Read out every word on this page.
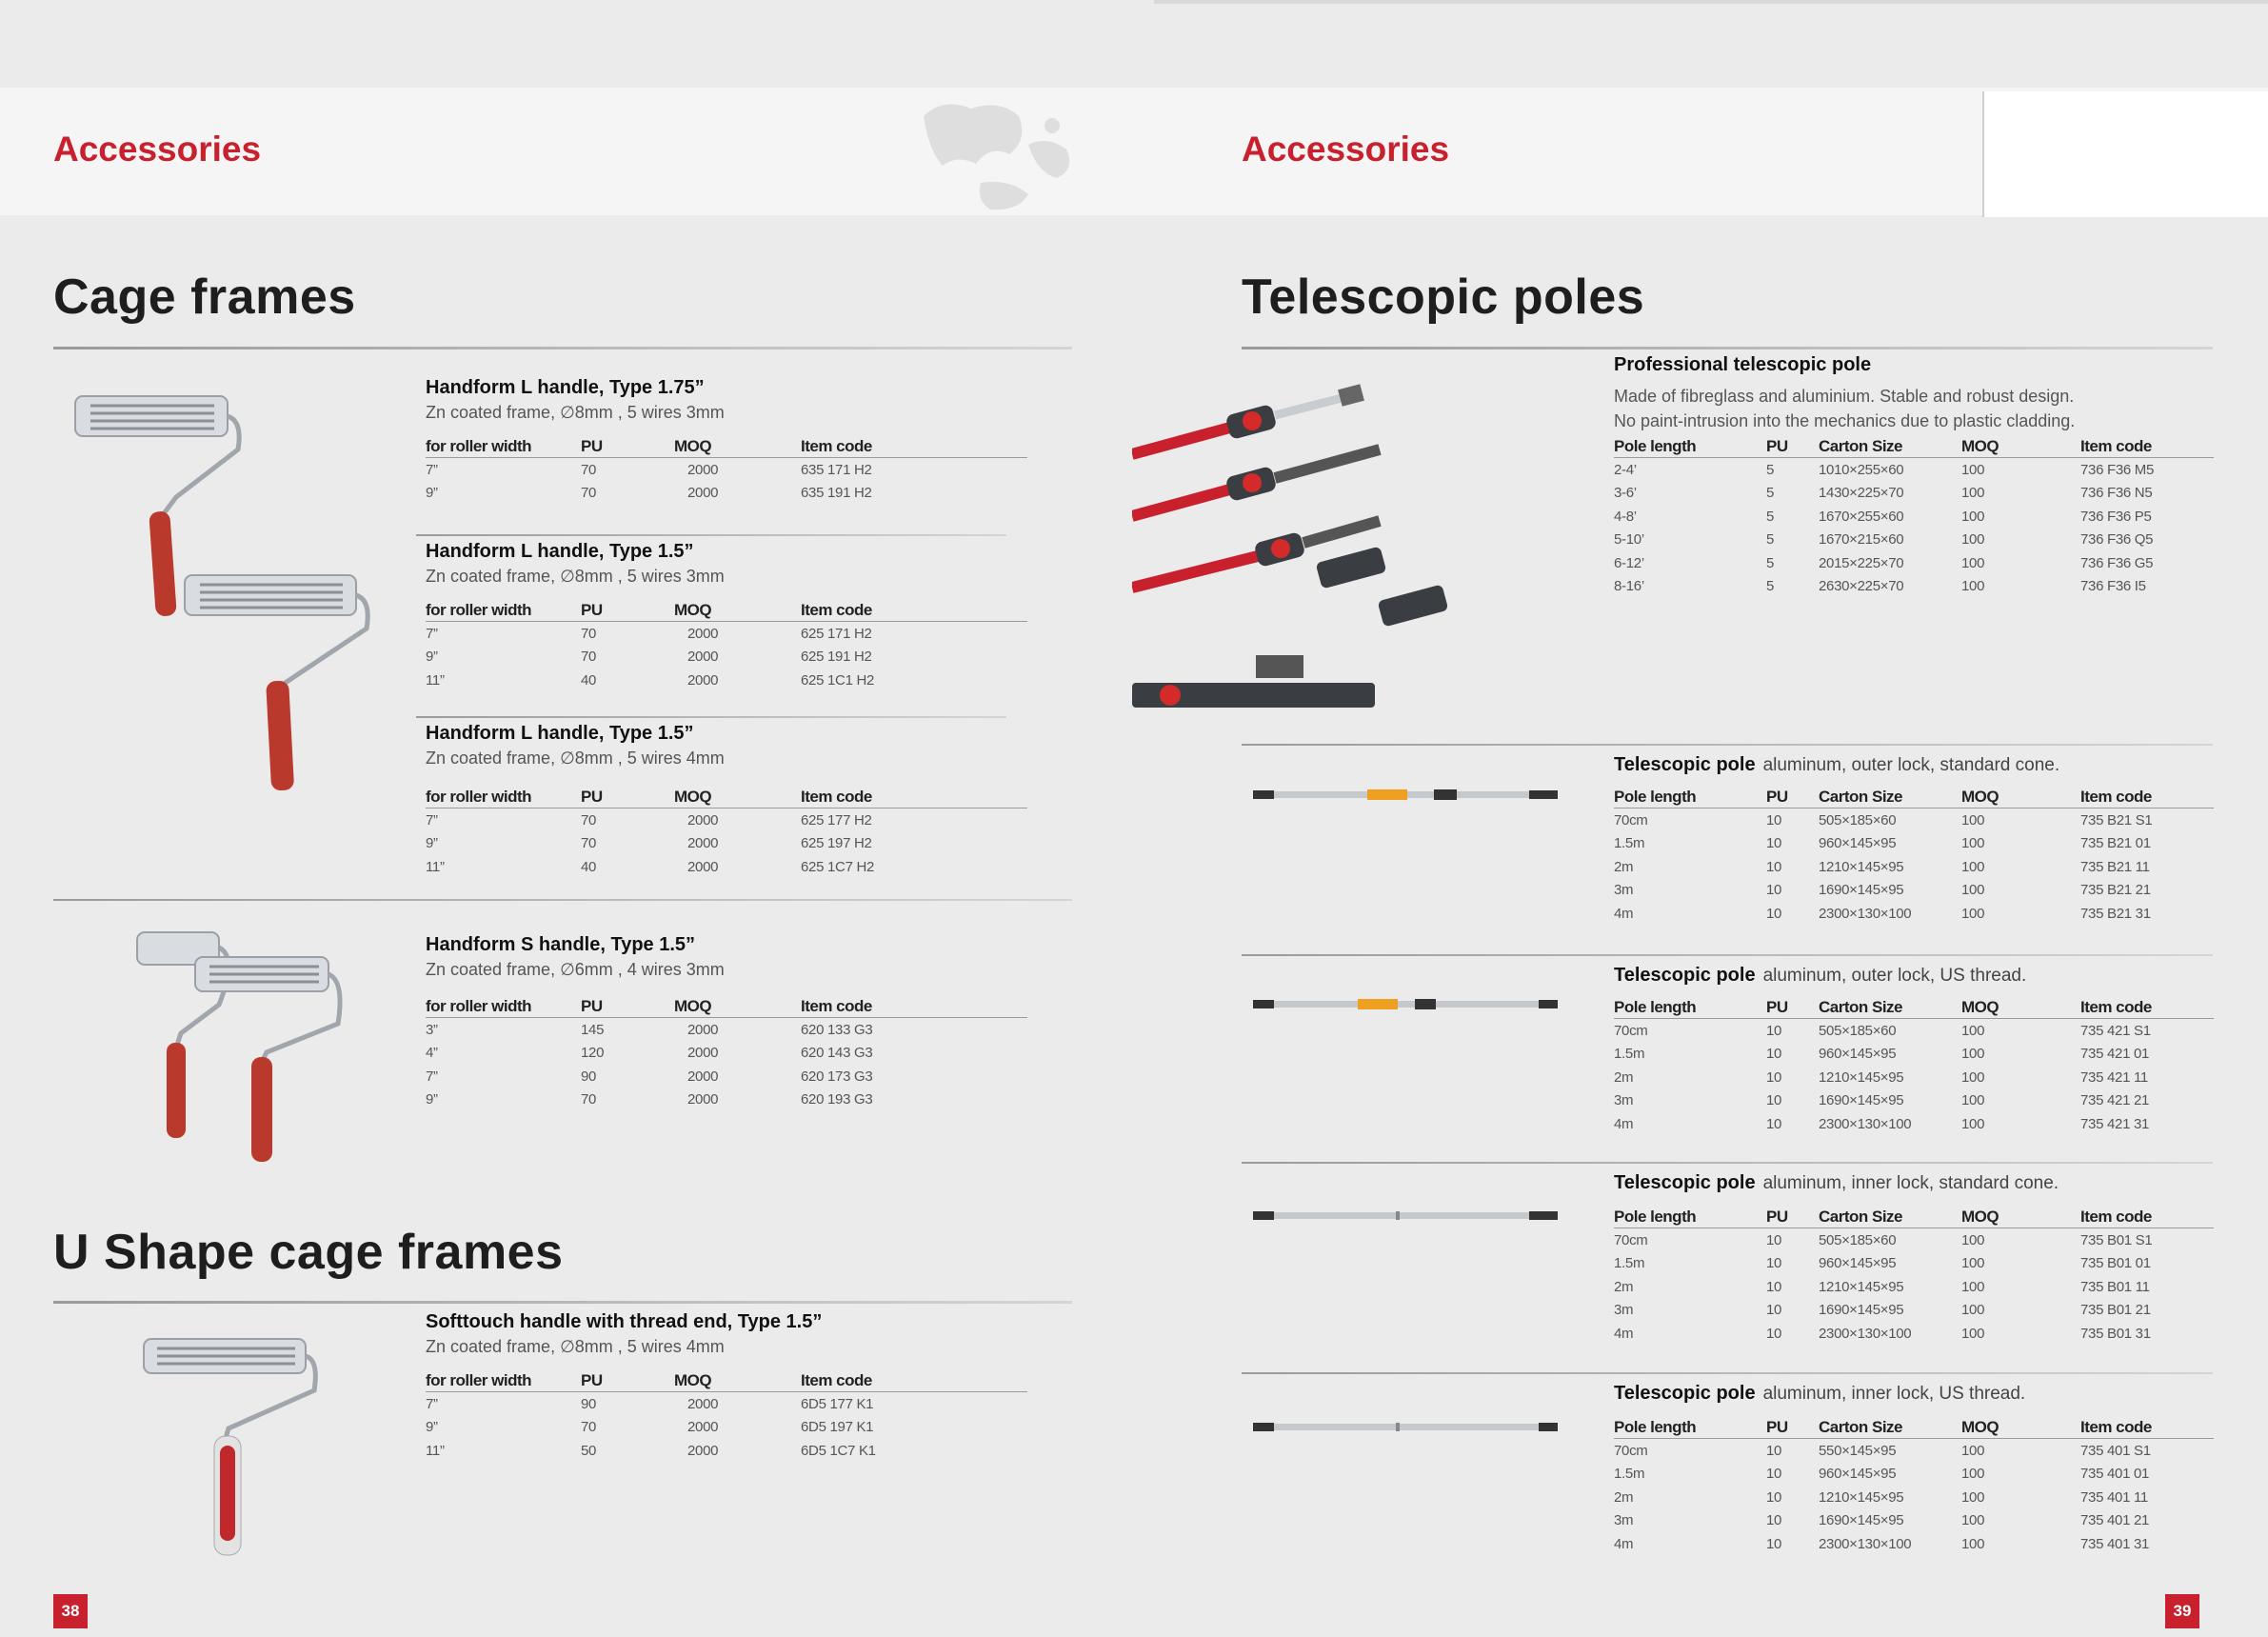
Accessories
Cage frames
Handform L handle, Type 1.75”
Zn coated frame, ∅8mm , 5 wires 3mm
for roller width	PU	MOQ	Item code
7”	70	2000	635 171 H2
9”	70	2000	635 191 H2
Handform L handle, Type 1.5”
Zn coated frame, ∅8mm , 5 wires 3mm
for roller width	PU	MOQ	Item code
7”	70	2000	625 171 H2
9”	70	2000	625 191 H2
11”	40	2000	625 1C1 H2
Handform L handle, Type 1.5”
Zn coated frame, ∅8mm , 5 wires 4mm
for roller width	PU	MOQ	Item code
7”	70	2000	625 177 H2
9”	70	2000	625 197 H2
11”	40	2000	625 1C7 H2
Handform S handle, Type 1.5”
Zn coated frame, ∅6mm , 4 wires 3mm
for roller width	PU	MOQ	Item code
3”	145	2000	620 133 G3
4”	120	2000	620 143 G3
7”	90	2000	620 173 G3
9”	70	2000	620 193 G3
U Shape cage frames
Softtouch handle with thread end, Type 1.5”
Zn coated frame, ∅8mm , 5 wires 4mm
for roller width	PU	MOQ	Item code
7”	90	2000	6D5 177 K1
9”	70	2000	6D5 197 K1
11”	50	2000	6D5 1C7 K1
38
Accessories
Telescopic poles
Professional telescopic pole
Made of fibreglass and aluminium. Stable and robust design.
No paint-intrusion into the mechanics due to plastic cladding.
Pole length	PU	Carton Size	MOQ	Item code
2-4’	5	1010×255×60	100	736 F36 M5
3-6’	5	1430×225×70	100	736 F36 N5
4-8’	5	1670×255×60	100	736 F36 P5
5-10’	5	1670×215×60	100	736 F36 Q5
6-12’	5	2015×225×70	100	736 F36 G5
8-16’	5	2630×225×70	100	736 F36 I5
Telescopic pole aluminum, outer lock, standard cone.
Pole length	PU	Carton Size	MOQ	Item code
70cm	10	505×185×60	100	735 B21 S1
1.5m	10	960×145×95	100	735 B21 01
2m	10	1210×145×95	100	735 B21 11
3m	10	1690×145×95	100	735 B21 21
4m	10	2300×130×100	100	735 B21 31
Telescopic pole aluminum, outer lock, US thread.
Pole length	PU	Carton Size	MOQ	Item code
70cm	10	505×185×60	100	735 421 S1
1.5m	10	960×145×95	100	735 421 01
2m	10	1210×145×95	100	735 421 11
3m	10	1690×145×95	100	735 421 21
4m	10	2300×130×100	100	735 421 31
Telescopic pole aluminum, inner lock, standard cone.
Pole length	PU	Carton Size	MOQ	Item code
70cm	10	505×185×60	100	735 B01 S1
1.5m	10	960×145×95	100	735 B01 01
2m	10	1210×145×95	100	735 B01 11
3m	10	1690×145×95	100	735 B01 21
4m	10	2300×130×100	100	735 B01 31
Telescopic pole aluminum, inner lock, US thread.
Pole length	PU	Carton Size	MOQ	Item code
70cm	10	550×145×95	100	735 401 S1
1.5m	10	960×145×95	100	735 401 01
2m	10	1210×145×95	100	735 401 11
3m	10	1690×145×95	100	735 401 21
4m	10	2300×130×100	100	735 401 31
39
